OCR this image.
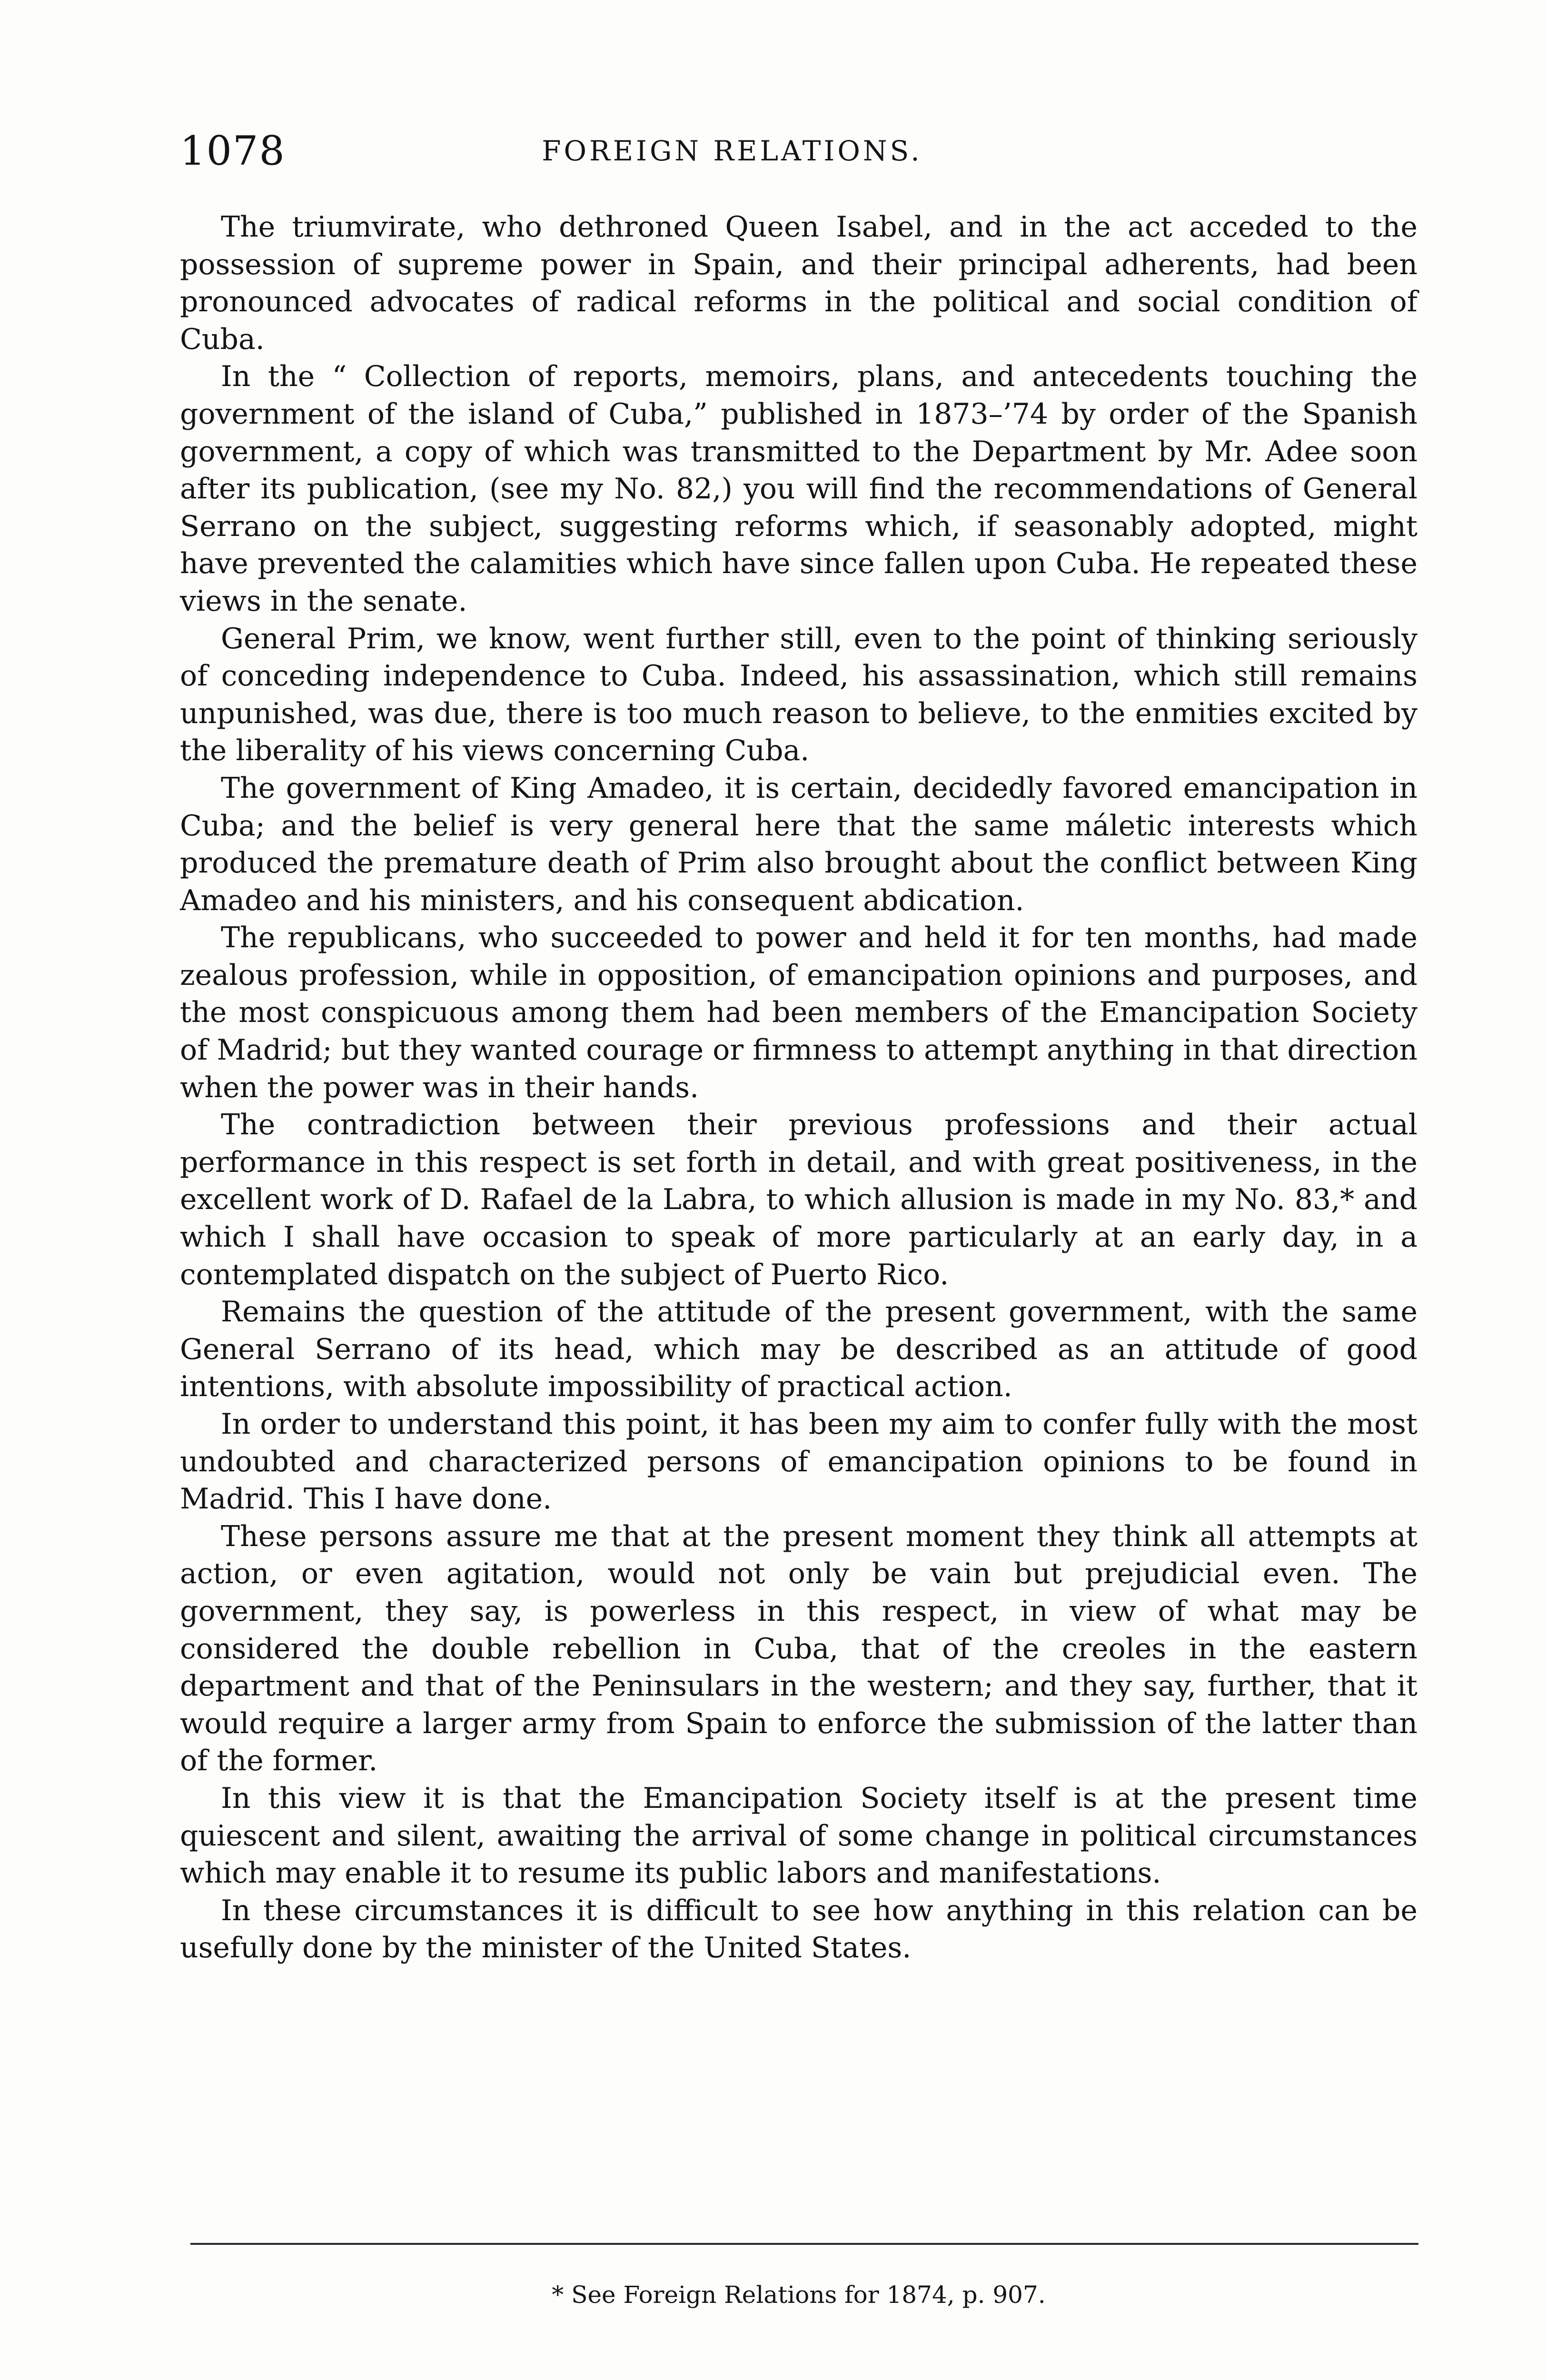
1078	FOREIGN RELATIONS.

The triumvirate, who dethroned Queen Isabel, and in the act acceded to the possession of supreme power in Spain, and their principal adherents, had been pronounced advocates of radical reforms in the political and social condition of Cuba.

In the “ Collection of reports, memoirs, plans, and antecedents touching the government of the island of Cuba,” published in 1873–’74 by order of the Spanish government, a copy of which was transmitted to the Department by Mr. Adee soon after its publication, (see my No. 82,) you will find the recommendations of General Serrano on the subject, suggesting reforms which, if seasonably adopted, might have prevented the calamities which have since fallen upon Cuba. He repeated these views in the senate.

General Prim, we know, went further still, even to the point of thinking seriously of conceding independence to Cuba. Indeed, his assassination, which still remains unpunished, was due, there is too much reason to believe, to the enmities excited by the liberality of his views concerning Cuba.

The government of King Amadeo, it is certain, decidedly favored emancipation in Cuba; and the belief is very general here that the same máletic interests which produced the premature death of Prim also brought about the conflict between King Amadeo and his ministers, and his consequent abdication.

The republicans, who succeeded to power and held it for ten months, had made zealous profession, while in opposition, of emancipation opinions and purposes, and the most conspicuous among them had been members of the Emancipation Society of Madrid; but they wanted courage or firmness to attempt anything in that direction when the power was in their hands.

The contradiction between their previous professions and their actual performance in this respect is set forth in detail, and with great positiveness, in the excellent work of D. Rafael de la Labra, to which allusion is made in my No. 83,* and which I shall have occasion to speak of more particularly at an early day, in a contemplated dispatch on the subject of Puerto Rico.

Remains the question of the attitude of the present government, with the same General Serrano of its head, which may be described as an attitude of good intentions, with absolute impossibility of practical action.

In order to understand this point, it has been my aim to confer fully with the most undoubted and characterized persons of emancipation opinions to be found in Madrid. This I have done.

These persons assure me that at the present moment they think all attempts at action, or even agitation, would not only be vain but prejudicial even. The government, they say, is powerless in this respect, in view of what may be considered the double rebellion in Cuba, that of the creoles in the eastern department and that of the Peninsulars in the western; and they say, further, that it would require a larger army from Spain to enforce the submission of the latter than of the former.

In this view it is that the Emancipation Society itself is at the present time quiescent and silent, awaiting the arrival of some change in political circumstances which may enable it to resume its public labors and manifestations.

In these circumstances it is difficult to see how anything in this relation can be usefully done by the minister of the United States.

* See Foreign Relations for 1874, p. 907.
